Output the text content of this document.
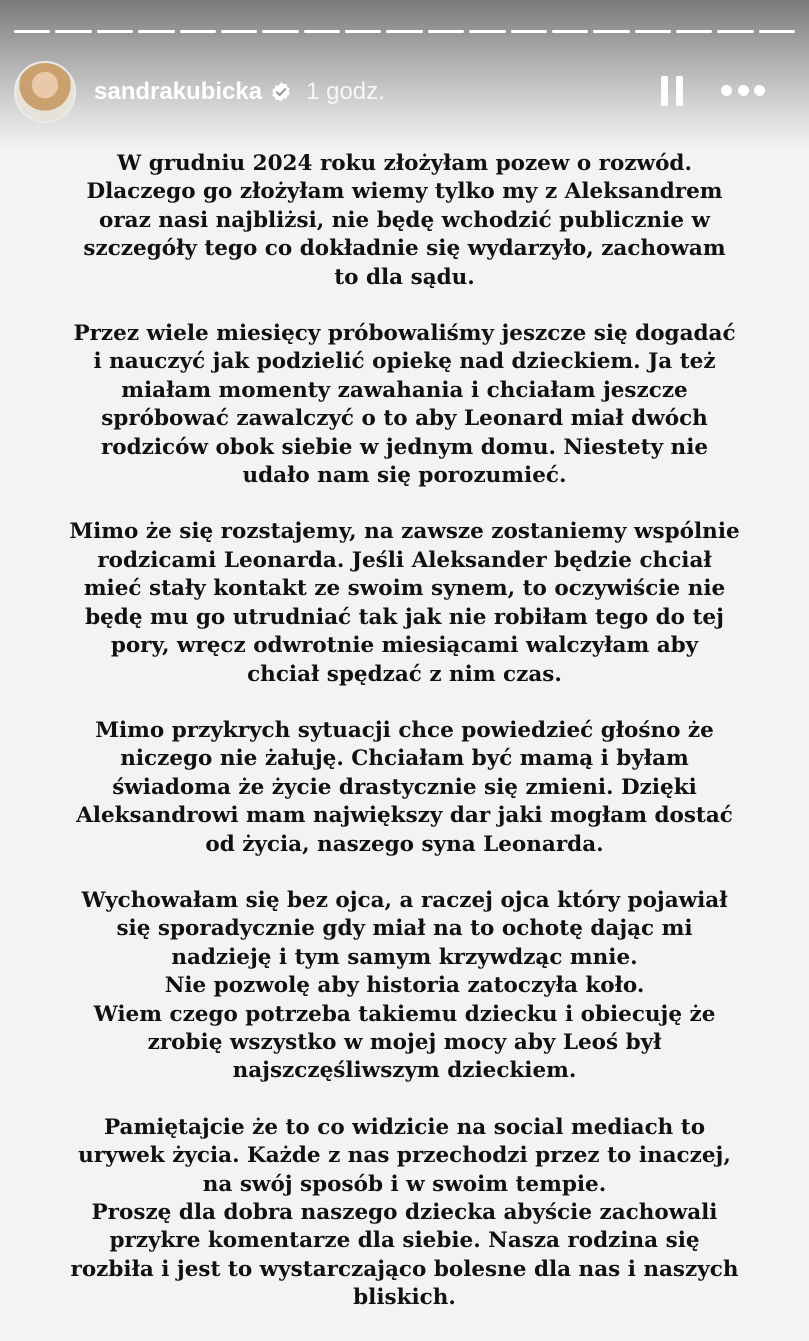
sandrakubicka 1 godz.
W grudniu 2024 roku złożyłam pozew o rozwód.
Dlaczego go złożyłam wiemy tylko my z Aleksandrem
oraz nasi najbliżsi, nie będę wchodzić publicznie w
szczegóły tego co dokładnie się wydarzyło, zachowam
to dla sądu.
Przez wiele miesięcy próbowaliśmy jeszcze się dogadać
i nauczyć jak podzielić opiekę nad dzieckiem. Ja też
miałam momenty zawahania i chciałam jeszcze
spróbować zawalczyć o to aby Leonard miał dwóch
rodziców obok siebie w jednym domu. Niestety nie
udało nam się porozumieć.
Mimo że się rozstajemy, na zawsze zostaniemy wspólnie
rodzicami Leonarda. Jeśli Aleksander będzie chciał
mieć stały kontakt ze swoim synem, to oczywiście nie
będę mu go utrudniać tak jak nie robiłam tego do tej
pory, wręcz odwrotnie miesiącami walczyłam aby
chciał spędzać z nim czas.
Mimo przykrych sytuacji chce powiedzieć głośno że
niczego nie żałuję. Chciałam być mamą i byłam
świadoma że życie drastycznie się zmieni. Dzięki
Aleksandrowi mam największy dar jaki mogłam dostać
od życia, naszego syna Leonarda.
Wychowałam się bez ojca, a raczej ojca który pojawiał
się sporadycznie gdy miał na to ochotę dając mi
nadzieję i tym samym krzywdząc mnie.
Nie pozwolę aby historia zatoczyła koło.
Wiem czego potrzeba takiemu dziecku i obiecuję że
zrobię wszystko w mojej mocy aby Leoś był
najszczęśliwszym dzieckiem.
Pamiętajcie że to co widzicie na social mediach to
urywek życia. Każde z nas przechodzi przez to inaczej,
na swój sposób i w swoim tempie.
Proszę dla dobra naszego dziecka abyście zachowali
przykre komentarze dla siebie. Nasza rodzina się
rozbiła i jest to wystarczająco bolesne dla nas i naszych
bliskich.
